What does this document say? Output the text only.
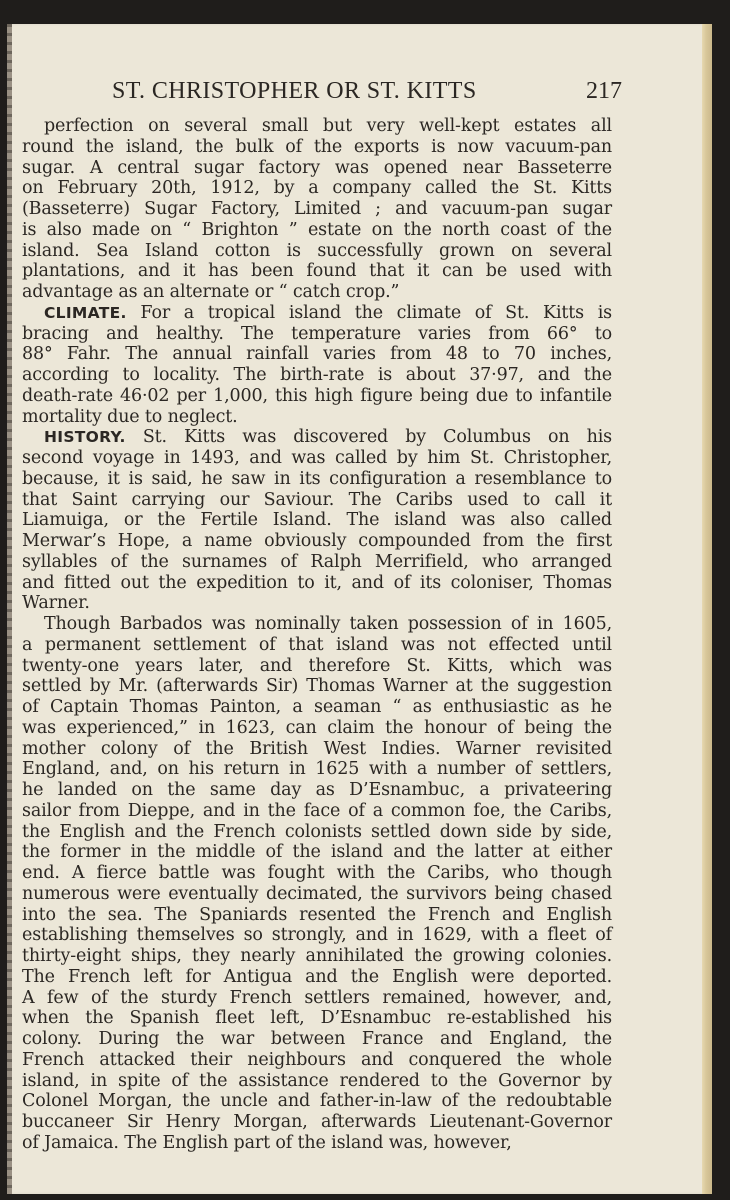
ST. CHRISTOPHER OR ST. KITTS	217
perfection on several small but very well-kept estates all
round the island, the bulk of the exports is now vacuum-pan
sugar. A central sugar factory was opened near Basseterre
on February 20th, 1912, by a company called the St. Kitts
(Basseterre) Sugar Factory, Limited ; and vacuum-pan sugar
is also made on “ Brighton ” estate on the north coast of the
island. Sea Island cotton is successfully grown on several
plantations, and it has been found that it can be used with
advantage as an alternate or “ catch crop.”
CLIMATE. For a tropical island the climate of St. Kitts is
bracing and healthy. The temperature varies from 66° to
88° Fahr. The annual rainfall varies from 48 to 70 inches,
according to locality. The birth-rate is about 37·97, and the
death-rate 46·02 per 1,000, this high figure being due to infantile
mortality due to neglect.
HISTORY. St. Kitts was discovered by Columbus on his
second voyage in 1493, and was called by him St. Christopher,
because, it is said, he saw in its configuration a resemblance to
that Saint carrying our Saviour. The Caribs used to call it
Liamuiga, or the Fertile Island. The island was also called
Merwar’s Hope, a name obviously compounded from the first
syllables of the surnames of Ralph Merrifield, who arranged
and fitted out the expedition to it, and of its coloniser, Thomas
Warner.
Though Barbados was nominally taken possession of in 1605,
a permanent settlement of that island was not effected until
twenty-one years later, and therefore St. Kitts, which was
settled by Mr. (afterwards Sir) Thomas Warner at the suggestion
of Captain Thomas Painton, a seaman “ as enthusiastic as he
was experienced,” in 1623, can claim the honour of being the
mother colony of the British West Indies. Warner revisited
England, and, on his return in 1625 with a number of settlers,
he landed on the same day as D’Esnambuc, a privateering
sailor from Dieppe, and in the face of a common foe, the Caribs,
the English and the French colonists settled down side by side,
the former in the middle of the island and the latter at either
end. A fierce battle was fought with the Caribs, who though
numerous were eventually decimated, the survivors being chased
into the sea. The Spaniards resented the French and English
establishing themselves so strongly, and in 1629, with a fleet of
thirty-eight ships, they nearly annihilated the growing colonies.
The French left for Antigua and the English were deported.
A few of the sturdy French settlers remained, however, and,
when the Spanish fleet left, D’Esnambuc re-established his
colony. During the war between France and England, the
French attacked their neighbours and conquered the whole
island, in spite of the assistance rendered to the Governor by
Colonel Morgan, the uncle and father-in-law of the redoubtable
buccaneer Sir Henry Morgan, afterwards Lieutenant-Governor
of Jamaica. The English part of the island was, however,
